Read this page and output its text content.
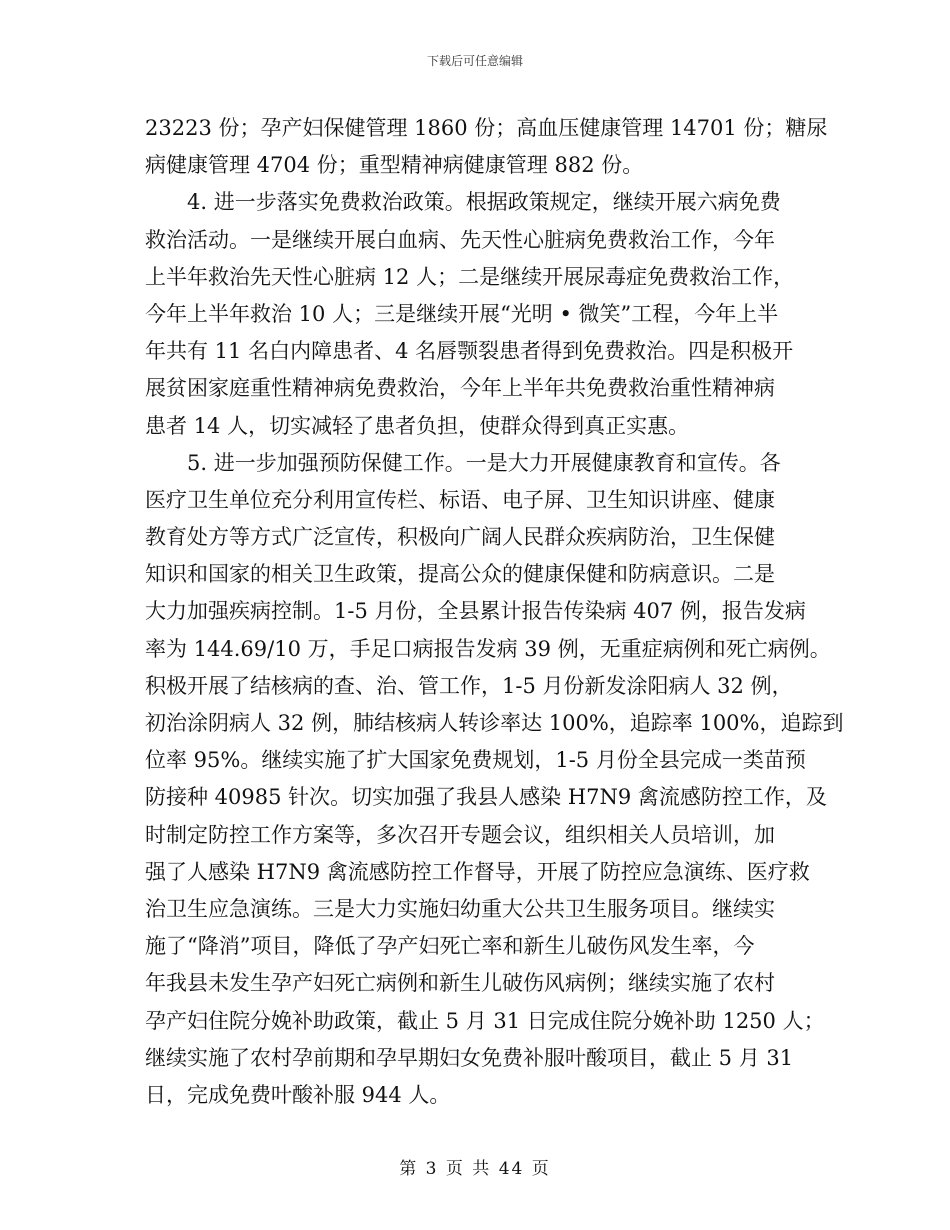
下载后可任意编辑
23223 份；孕产妇保健管理 1860 份；高血压健康管理 14701 份；糖尿
病健康管理 4704 份；重型精神病健康管理 882 份。
4. 进一步落实免费救治政策。根据政策规定，继续开展六病免费
救治活动。一是继续开展白血病、先天性心脏病免费救治工作，今年
上半年救治先天性心脏病 12 人；二是继续开展尿毒症免费救治工作，
今年上半年救治 10 人；三是继续开展“光明 • 微笑”工程，今年上半
年共有 11 名白内障患者、4 名唇颚裂患者得到免费救治。四是积极开
展贫困家庭重性精神病免费救治，今年上半年共免费救治重性精神病
患者 14 人，切实减轻了患者负担，使群众得到真正实惠。
5. 进一步加强预防保健工作。一是大力开展健康教育和宣传。各
医疗卫生单位充分利用宣传栏、标语、电子屏、卫生知识讲座、健康
教育处方等方式广泛宣传，积极向广阔人民群众疾病防治，卫生保健
知识和国家的相关卫生政策，提高公众的健康保健和防病意识。二是
大力加强疾病控制。1-5 月份，全县累计报告传染病 407 例，报告发病
率为 144.69/10 万，手足口病报告发病 39 例，无重症病例和死亡病例。
积极开展了结核病的查、治、管工作，1-5 月份新发涂阳病人 32 例，
初治涂阴病人 32 例，肺结核病人转诊率达 100%，追踪率 100%，追踪到
位率 95%。继续实施了扩大国家免费规划，1-5 月份全县完成一类苗预
防接种 40985 针次。切实加强了我县人感染 H7N9 禽流感防控工作，及
时制定防控工作方案等，多次召开专题会议，组织相关人员培训，加
强了人感染 H7N9 禽流感防控工作督导，开展了防控应急演练、医疗救
治卫生应急演练。三是大力实施妇幼重大公共卫生服务项目。继续实
施了“降消”项目，降低了孕产妇死亡率和新生儿破伤风发生率，今
年我县未发生孕产妇死亡病例和新生儿破伤风病例；继续实施了农村
孕产妇住院分娩补助政策，截止 5 月 31 日完成住院分娩补助 1250 人；
继续实施了农村孕前期和孕早期妇女免费补服叶酸项目，截止 5 月 31
日，完成免费叶酸补服 944 人。
第 3 页 共 44 页
